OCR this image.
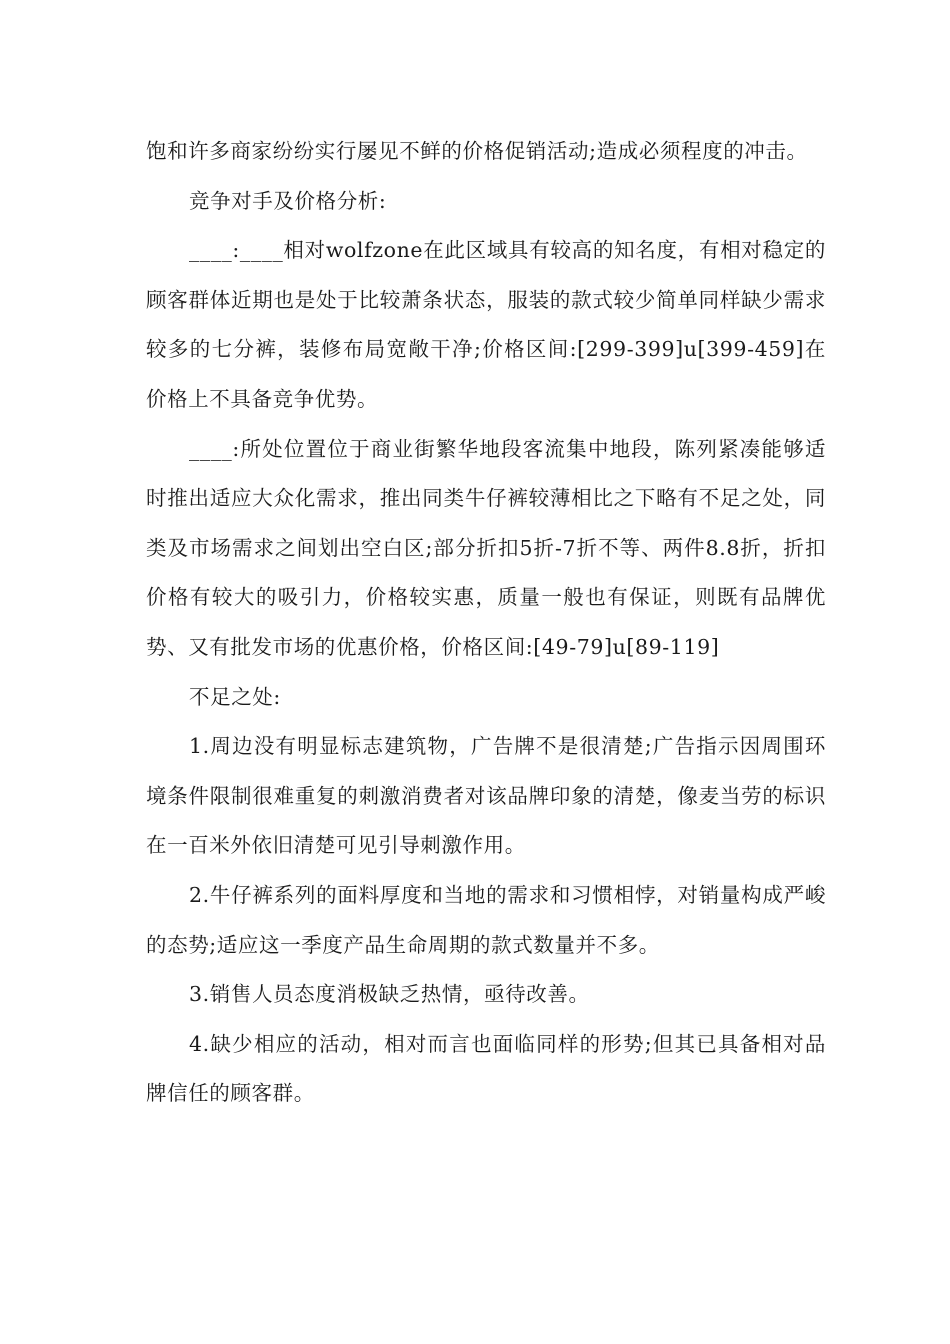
饱和许多商家纷纷实行屡见不鲜的价格促销活动;造成必须程度的冲击。

竞争对手及价格分析:

____:____相对wolfzone在此区域具有较高的知名度，有相对稳定的顾客群体近期也是处于比较萧条状态，服装的款式较少简单同样缺少需求较多的七分裤，装修布局宽敞干净;价格区间:[299-399]u[399-459]在价格上不具备竞争优势。

____:所处位置位于商业街繁华地段客流集中地段，陈列紧凑能够适时推出适应大众化需求，推出同类牛仔裤较薄相比之下略有不足之处，同类及市场需求之间划出空白区;部分折扣5折-7折不等、两件8.8折，折扣价格有较大的吸引力，价格较实惠，质量一般也有保证，则既有品牌优势、又有批发市场的优惠价格，价格区间:[49-79]u[89-119]

不足之处:

1.周边没有明显标志建筑物，广告牌不是很清楚;广告指示因周围环境条件限制很难重复的刺激消费者对该品牌印象的清楚，像麦当劳的标识在一百米外依旧清楚可见引导刺激作用。

2.牛仔裤系列的面料厚度和当地的需求和习惯相悖，对销量构成严峻的态势;适应这一季度产品生命周期的款式数量并不多。

3.销售人员态度消极缺乏热情，亟待改善。

4.缺少相应的活动，相对而言也面临同样的形势;但其已具备相对品牌信任的顾客群。
